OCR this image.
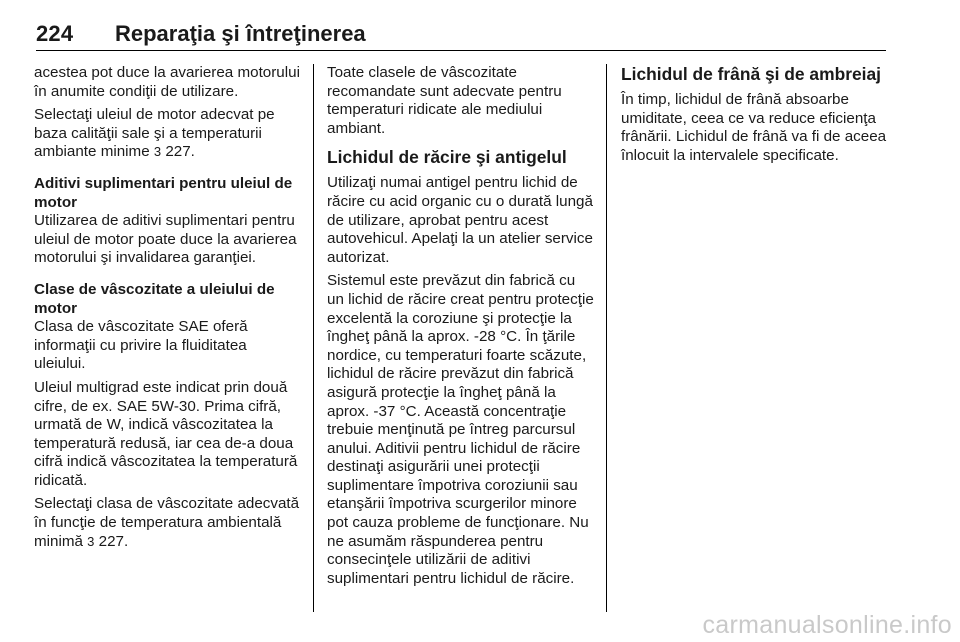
224 Reparaţia şi întreţinerea

acestea pot duce la avarierea motorului în anumite condiţii de utilizare.

Selectaţi uleiul de motor adecvat pe baza calităţii sale şi a temperaturii ambiante minime 3 227.

Aditivi suplimentari pentru uleiul de motor

Utilizarea de aditivi suplimentari pentru uleiul de motor poate duce la avarierea motorului şi invalidarea garanţiei.

Clase de vâscozitate a uleiului de motor

Clasa de vâscozitate SAE oferă informaţii cu privire la fluiditatea uleiului.

Uleiul multigrad este indicat prin două cifre, de ex. SAE 5W-30. Prima cifră, urmată de W, indică vâscozitatea la temperatură redusă, iar cea de-a doua cifră indică vâscozitatea la temperatură ridicată.

Selectaţi clasa de vâscozitate adecvată în funcţie de temperatura ambientală minimă 3 227.

Toate clasele de vâscozitate recomandate sunt adecvate pentru temperaturi ridicate ale mediului ambiant.

Lichidul de răcire şi antigelul

Utilizaţi numai antigel pentru lichid de răcire cu acid organic cu o durată lungă de utilizare, aprobat pentru acest autovehicul. Apelaţi la un atelier service autorizat.

Sistemul este prevăzut din fabrică cu un lichid de răcire creat pentru protecţie excelentă la coroziune şi protecţie la îngheţ până la aprox. -28 °C. În ţările nordice, cu temperaturi foarte scăzute, lichidul de răcire prevăzut din fabrică asigură protecţie la îngheţ până la aprox. -37 °C. Această concentraţie trebuie menţinută pe întreg parcursul anului. Aditivii pentru lichidul de răcire destinaţi asigurării unei protecţii suplimentare împotriva coroziunii sau etanşării împotriva scurgerilor minore pot cauza probleme de funcţionare. Nu ne asumăm răspunderea pentru consecinţele utilizării de aditivi suplimentari pentru lichidul de răcire.

Lichidul de frână şi de ambreiaj

În timp, lichidul de frână absoarbe umiditate, ceea ce va reduce eficienţa frânării. Lichidul de frână va fi de aceea înlocuit la intervalele specificate.

carmanualsonline.info
